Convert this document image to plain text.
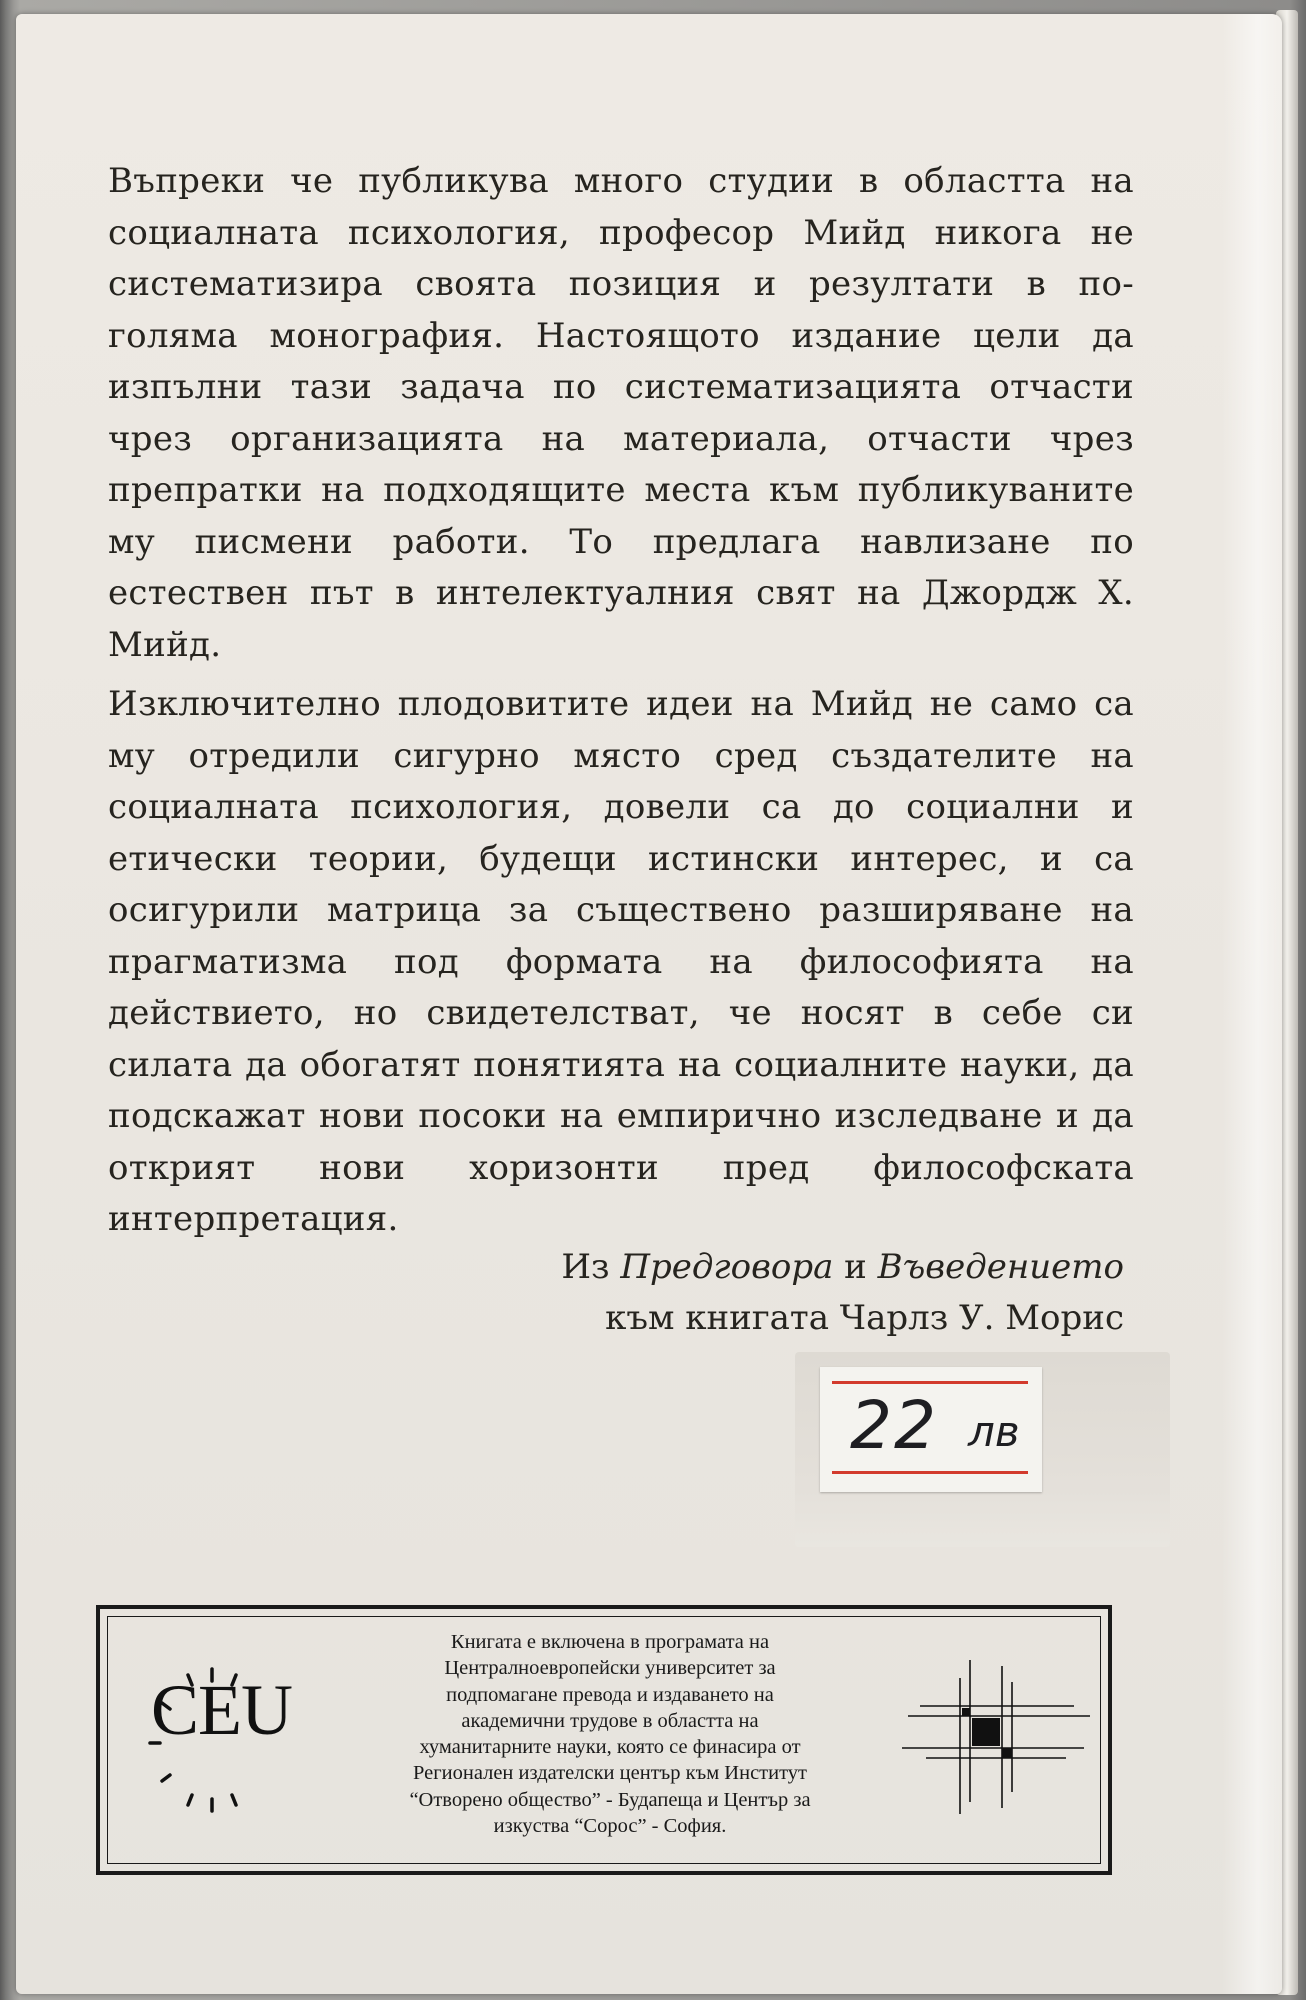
Въпреки че публикува много студии в областта на социалната психология, професор Мийд никога не систематизира своята позиция и резултати в по-голяма монография. Настоящото издание цели да изпълни тази задача по систематизацията отчасти чрез организацията на материала, отчасти чрез препратки на подходящите места към публикуваните му писмени работи. То предлага навлизане по естествен път в интелектуалния свят на Джордж Х. Мийд.

Изключително плодовитите идеи на Мийд не само са му отредили сигурно място сред създателите на социалната психология, довели са до социални и етически теории, будещи истински интерес, и са осигурили матрица за съществено разширяване на прагматизма под формата на философията на действието, но свидетелстват, че носят в себе си силата да обогатят понятията на социалните науки, да подскажат нови посоки на емпирично изследване и да открият нови хоризонти пред философската интерпретация.

Из Предговора и Въведението
към книгата Чарлз У. Морис
CEU

Книгата е включена в програмата на
Централноевропейски университет за
подпомагане превода и издаването на
академични трудове в областта на
хуманитарните науки, която се финасира от
Регионален издателски център към Институт
“Отворено общество” - Будапеща и Център за
изкуства “Сорос” - София.

22 лв
